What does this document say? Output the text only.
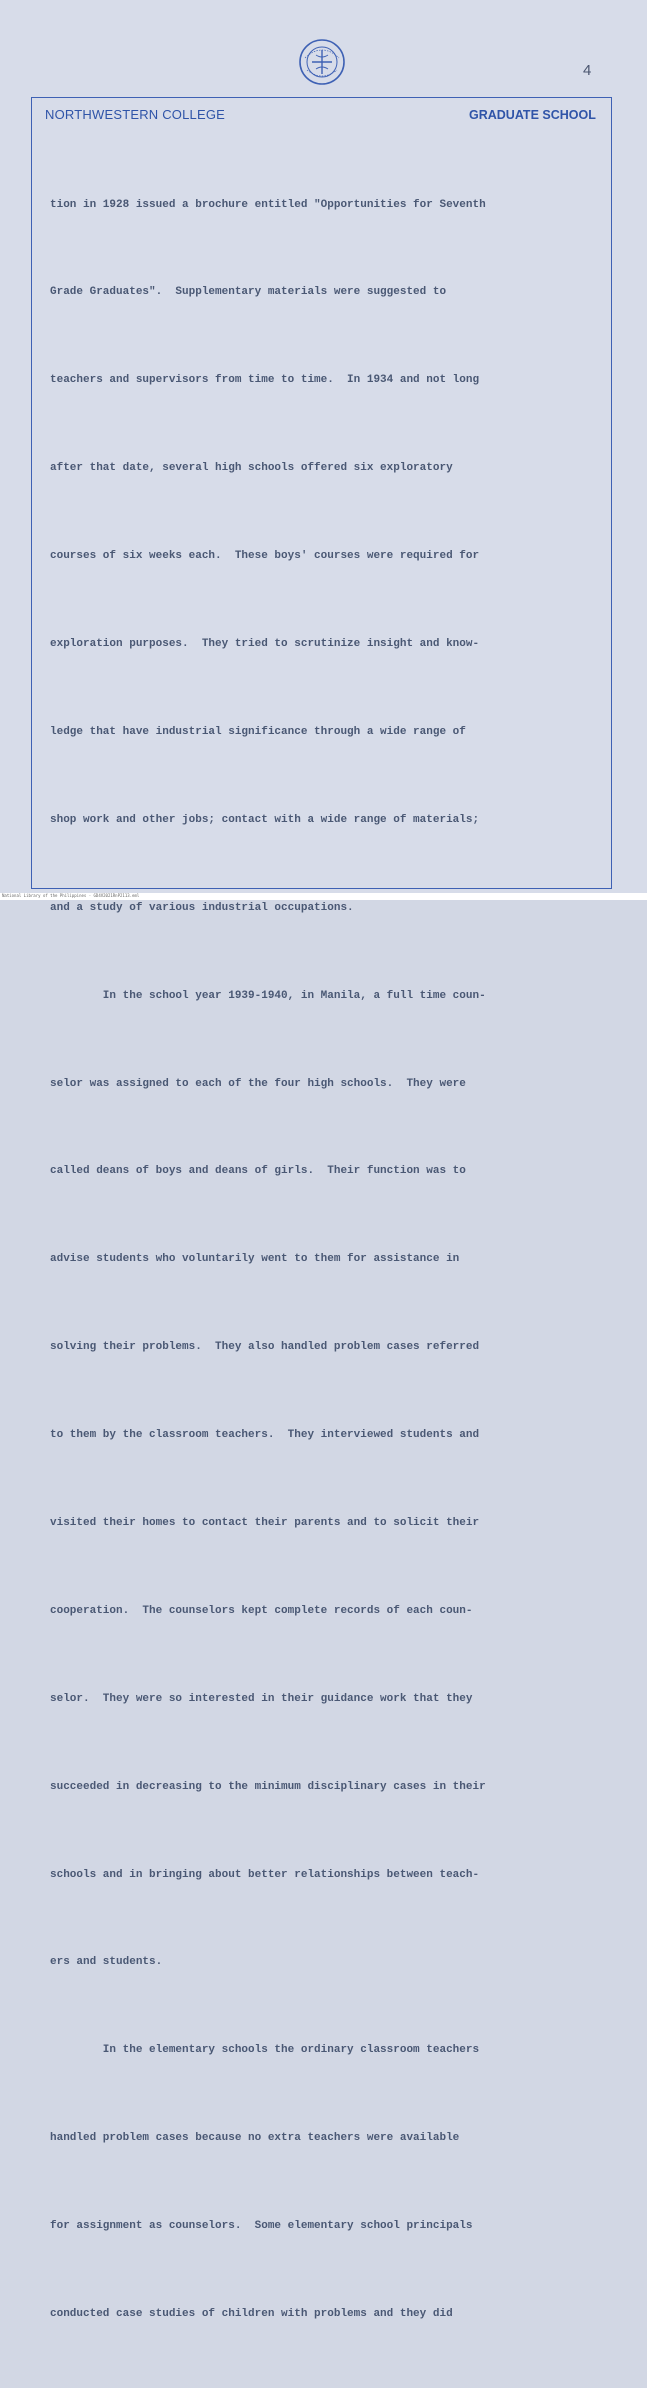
4
NORTHWESTERN COLLEGE	GRADUATE SCHOOL

tion in 1928 issued a brochure entitled "Opportunities for Seventh

Grade Graduates".  Supplementary materials were suggested to

teachers and supervisors from time to time.  In 1934 and not long

after that date, several high schools offered six exploratory

courses of six weeks each.  These boys' courses were required for

exploration purposes.  They tried to scrutinize insight and know-

ledge that have industrial significance through a wide range of

shop work and other jobs; contact with a wide range of materials;

and a study of various industrial occupations.

In the school year 1939-1940, in Manila, a full time coun-

selor was assigned to each of the four high schools.  They were

called deans of boys and deans of girls.  Their function was to

advise students who voluntarily went to them for assistance in

solving their problems.  They also handled problem cases referred

to them by the classroom teachers.  They interviewed students and

visited their homes to contact their parents and to solicit their

cooperation.  The counselors kept complete records of each coun-

selor.  They were so interested in their guidance work that they

succeeded in decreasing to the minimum disciplinary cases in their

schools and in bringing about better relationships between teach-

ers and students.

In the elementary schools the ordinary classroom teachers

handled problem cases because no extra teachers were available

for assignment as counselors.  Some elementary school principals

conducted case studies of children with problems and they did

National Library of the Philippines · GD4V2021RnP2113.eml
